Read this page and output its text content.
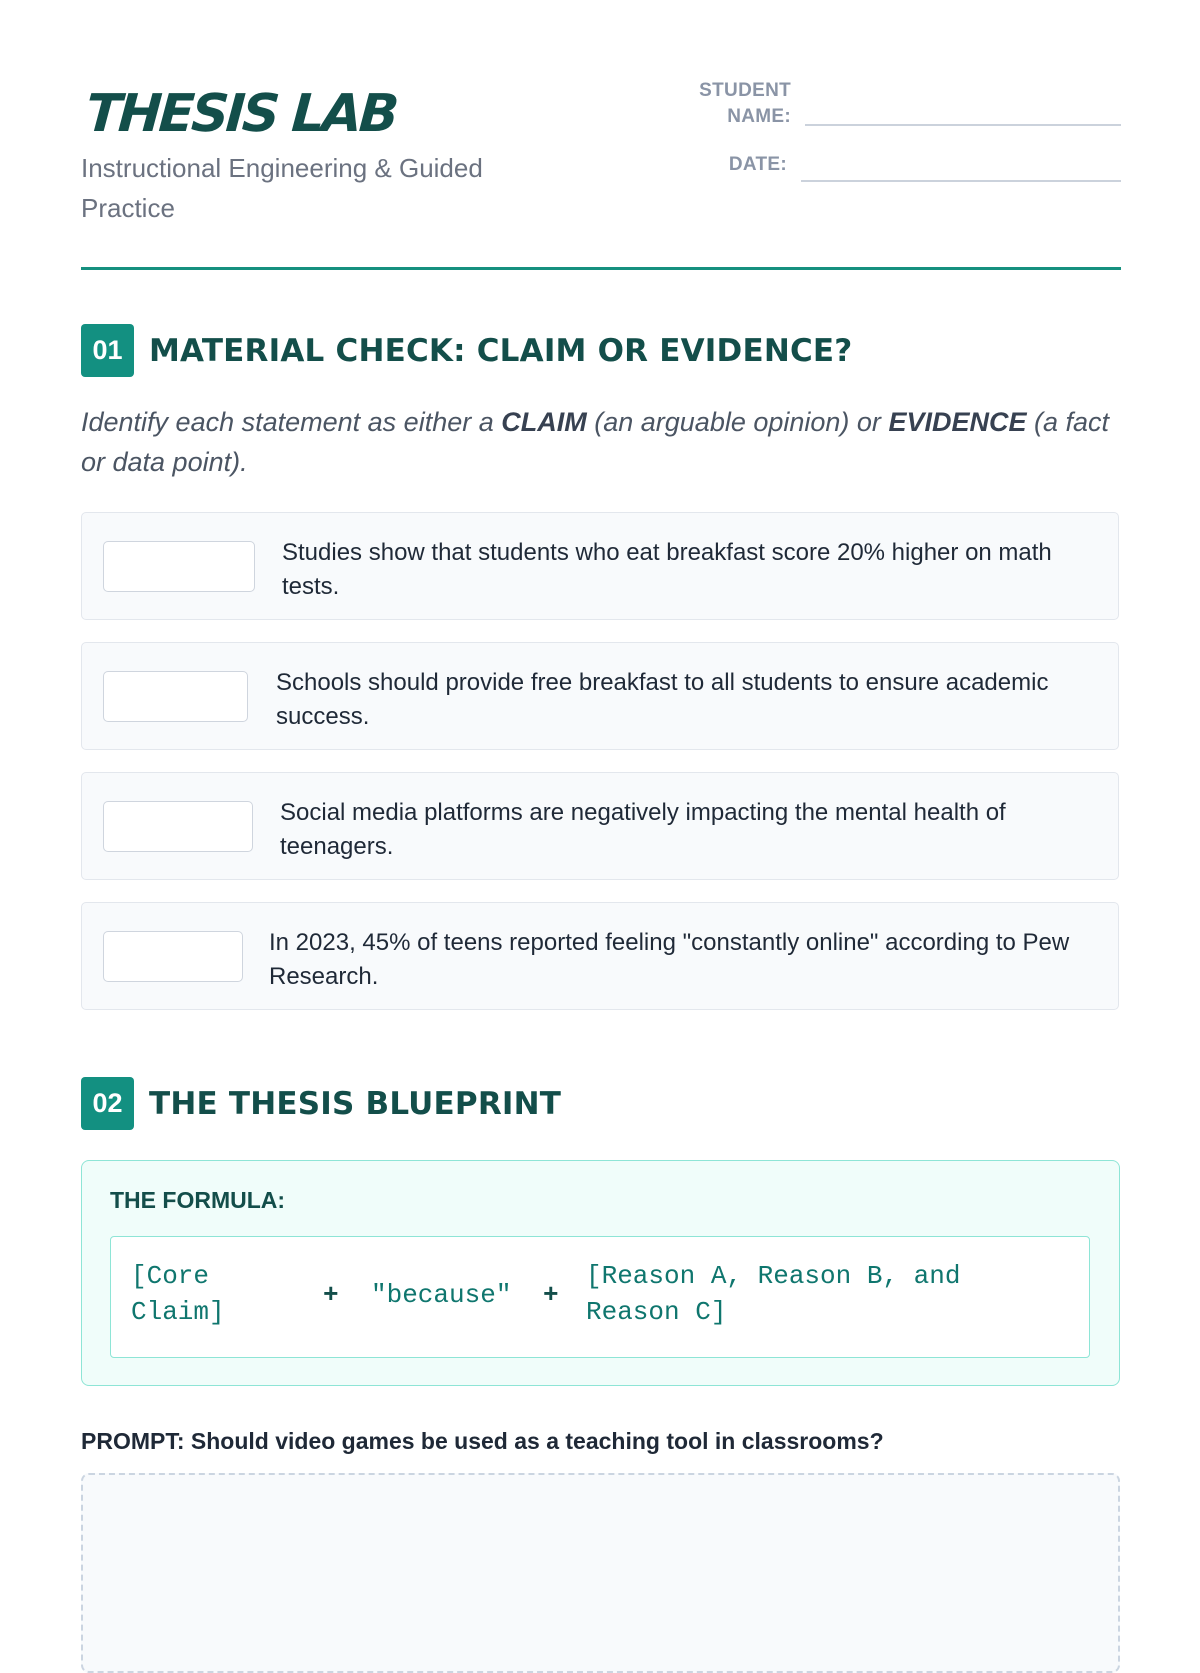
THESIS LAB

Instructional Engineering & Guided Practice

STUDENT NAME:
DATE:
01 MATERIAL CHECK: CLAIM OR EVIDENCE?

Identify each statement as either a CLAIM (an arguable opinion) or EVIDENCE (a fact or data point).

Studies show that students who eat breakfast score 20% higher on math tests.

Schools should provide free breakfast to all students to ensure academic success.

Social media platforms are negatively impacting the mental health of teenagers.

In 2023, 45% of teens reported feeling "constantly online" according to Pew Research.

02 THE THESIS BLUEPRINT

THE FORMULA:

[Core Claim]

+ "because" +

[Reason A, Reason B, and Reason C]

PROMPT: Should video games be used as a teaching tool in classrooms?
